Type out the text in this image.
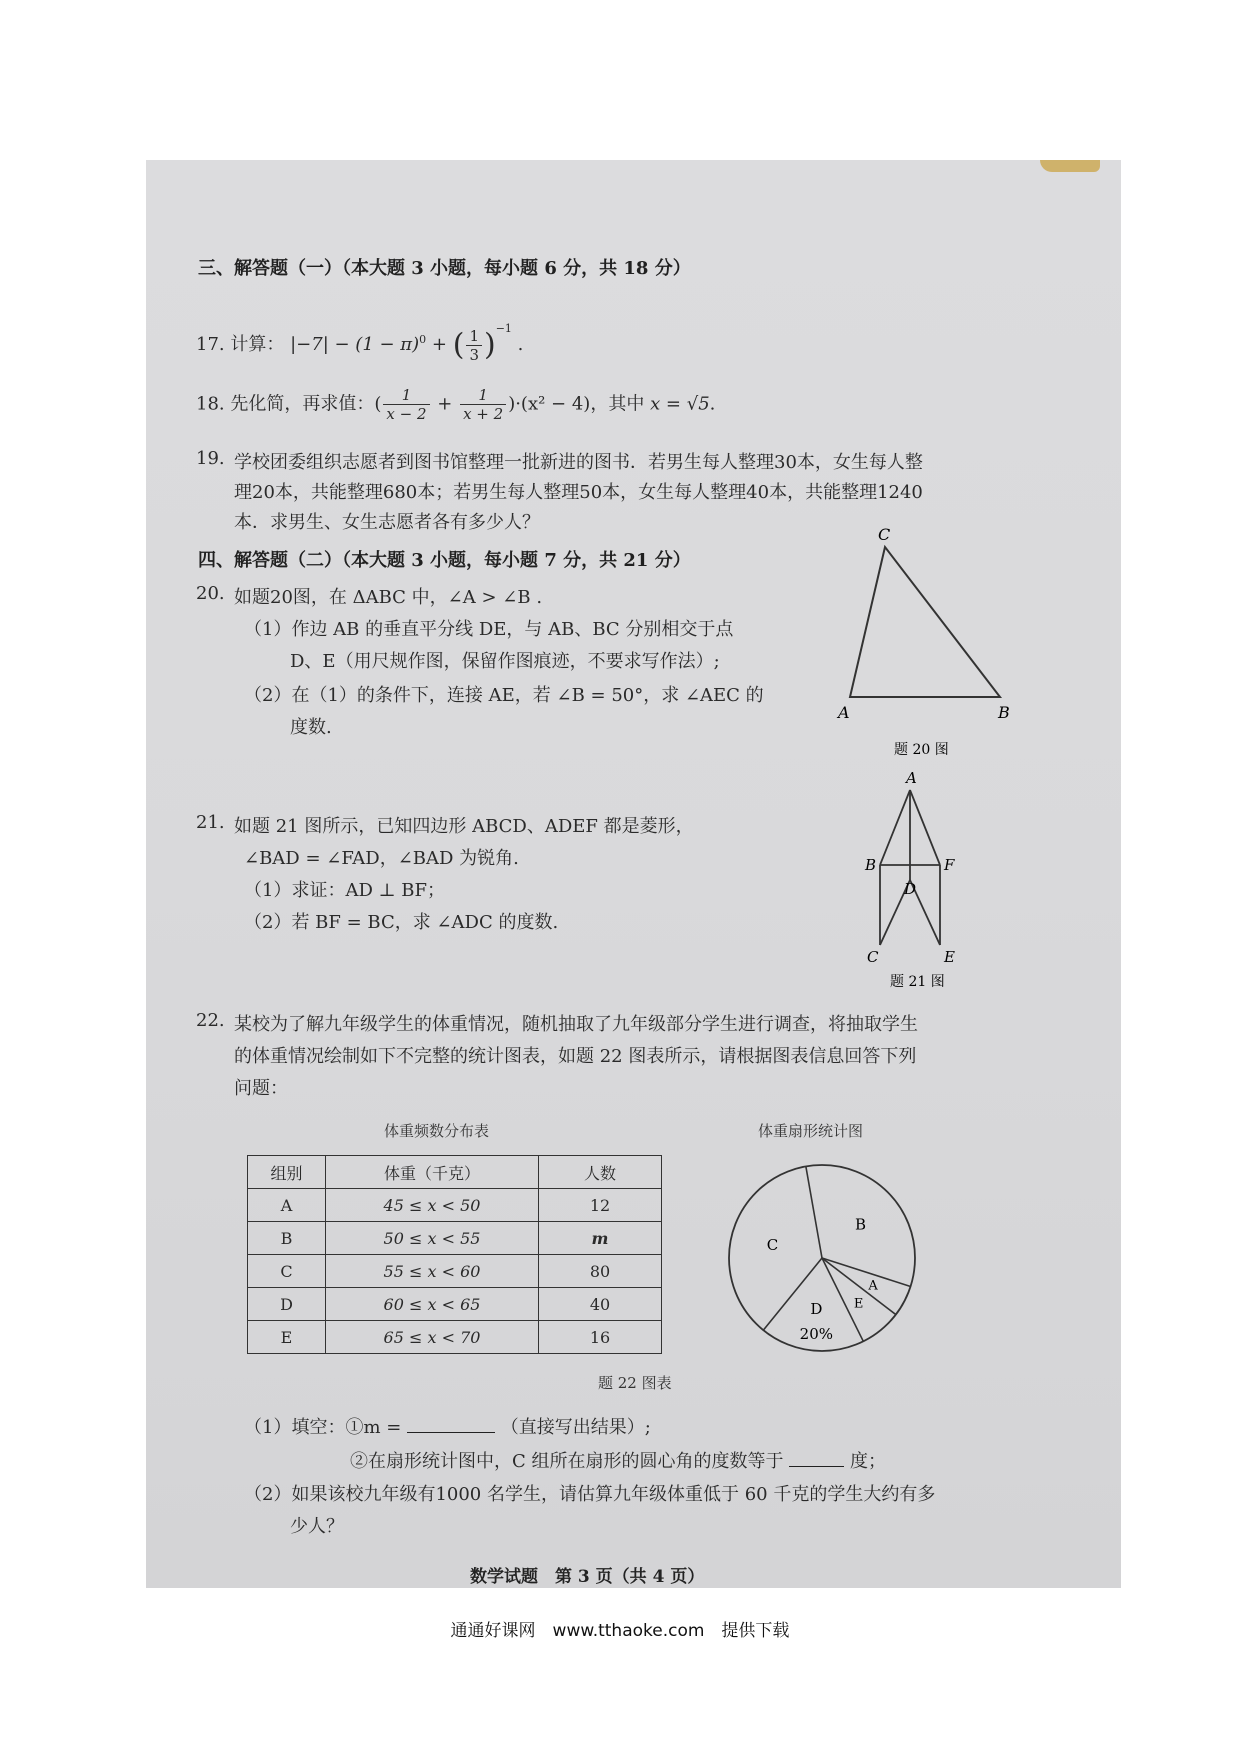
三、解答题（一）（本大题 3 小题，每小题 6 分，共 18 分）
17. 计算： $|-7| - (1 - \pi)^0$ + ( $\frac{1}{3} )^{-1}$ .
18. 先化简，再求值：( $\frac{1}{x - 2} + \frac{1}{x + 2} )\cdot(x^2 - 4)$，其中 x = √5.
19. 学校团委组织志愿者到图书馆整理一批新进的图书．若男生每人整理30本，女生每人整
理20本，共能整理680本；若男生每人整理50本，女生每人整理40本，共能整理1240
本．求男生、女生志愿者各有多少人？
四、解答题（二）（本大题 3 小题，每小题 7 分，共 21 分）
20. 如题20图，在 ΔABC 中，∠A > ∠B .
（1）作边 AB 的垂直平分线 DE，与 AB、BC 分别相交于点
D、E（用尺规作图，保留作图痕迹，不要求写作法）;
（2）在（1）的条件下，连接 AE，若 ∠B = 50°，求 ∠AEC 的
度数.
C
A	B
题 20 图
21. 如题 21 图所示，已知四边形 ABCD、ADEF 都是菱形，
∠BAD = ∠FAD，∠BAD 为锐角.
（1）求证：AD ⊥ BF；
（2）若 BF = BC，求 ∠ADC 的度数.
A
B	F
D
C	E
题 21 图
22. 某校为了解九年级学生的体重情况，随机抽取了九年级部分学生进行调查，将抽取学生
的体重情况绘制如下不完整的统计图表，如题 22 图表所示，请根据图表信息回答下列
问题：
体重频数分布表	体重扇形统计图
组别	体重（千克）	人数
A	45 ≤ x < 50	12
B	50 ≤ x < 55	m
C	55 ≤ x < 60	80
D	60 ≤ x < 65	40
E	65 ≤ x < 70	16
B
A
E
D
20%
C
题 22 图表
（1）填空：①m =	（直接写出结果）;
②在扇形统计图中，C 组所在扇形的圆心角的度数等于	度；
（2）如果该校九年级有1000 名学生，请估算九年级体重低于 60 千克的学生大约有多
少人？
数学试题　第 3 页（共 4 页）
通通好课网　www.tthaoke.com　提供下载
